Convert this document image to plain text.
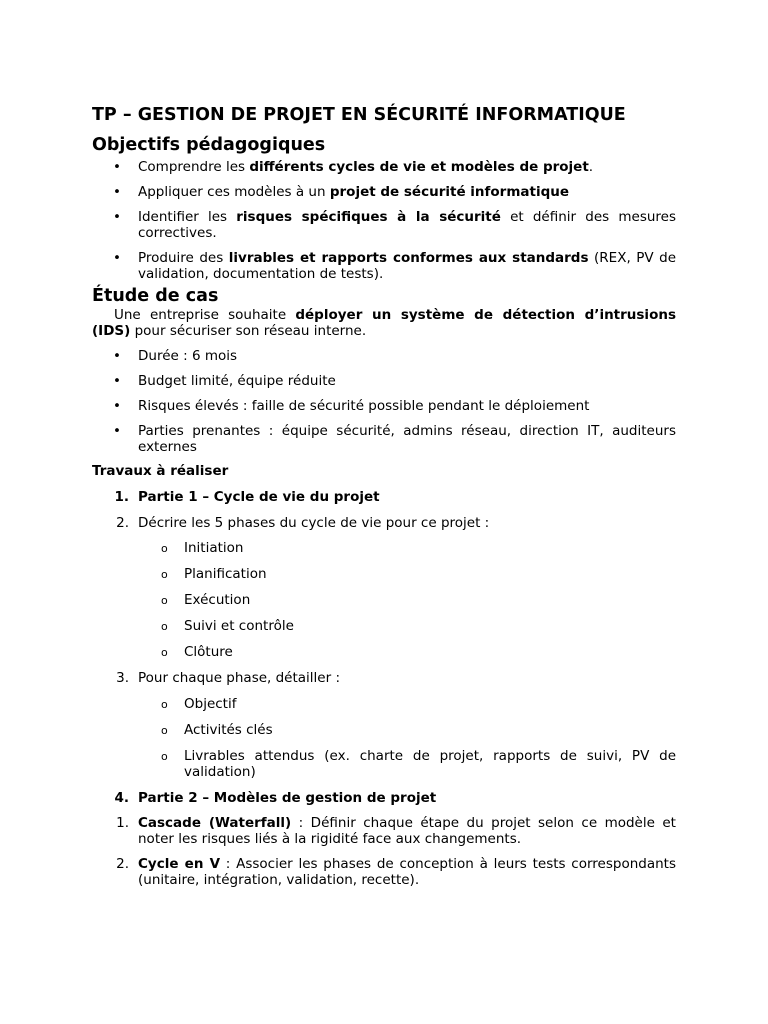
TP – GESTION DE PROJET EN SÉCURITÉ INFORMATIQUE
Objectifs pédagogiques
• Comprendre les différents cycles de vie et modèles de projet.
• Appliquer ces modèles à un projet de sécurité informatique
• Identifier les risques spécifiques à la sécurité et définir des mesures correctives.
• Produire des livrables et rapports conformes aux standards (REX, PV de validation, documentation de tests).
Étude de cas

Une entreprise souhaite déployer un système de détection d’intrusions (IDS) pour sécuriser son réseau interne.

• Durée : 6 mois
• Budget limité, équipe réduite
• Risques élevés : faille de sécurité possible pendant le déploiement
• Parties prenantes : équipe sécurité, admins réseau, direction IT, auditeurs externes

Travaux à réaliser

1. Partie 1 – Cycle de vie du projet
2. Décrire les 5 phases du cycle de vie pour ce projet :
o Initiation
o Planification
o Exécution
o Suivi et contrôle
o Clôture
3. Pour chaque phase, détailler :
o Objectif
o Activités clés
o Livrables attendus (ex. charte de projet, rapports de suivi, PV de validation)
4. Partie 2 – Modèles de gestion de projet
1. Cascade (Waterfall) : Définir chaque étape du projet selon ce modèle et noter les risques liés à la rigidité face aux changements.
2. Cycle en V : Associer les phases de conception à leurs tests correspondants (unitaire, intégration, validation, recette).
